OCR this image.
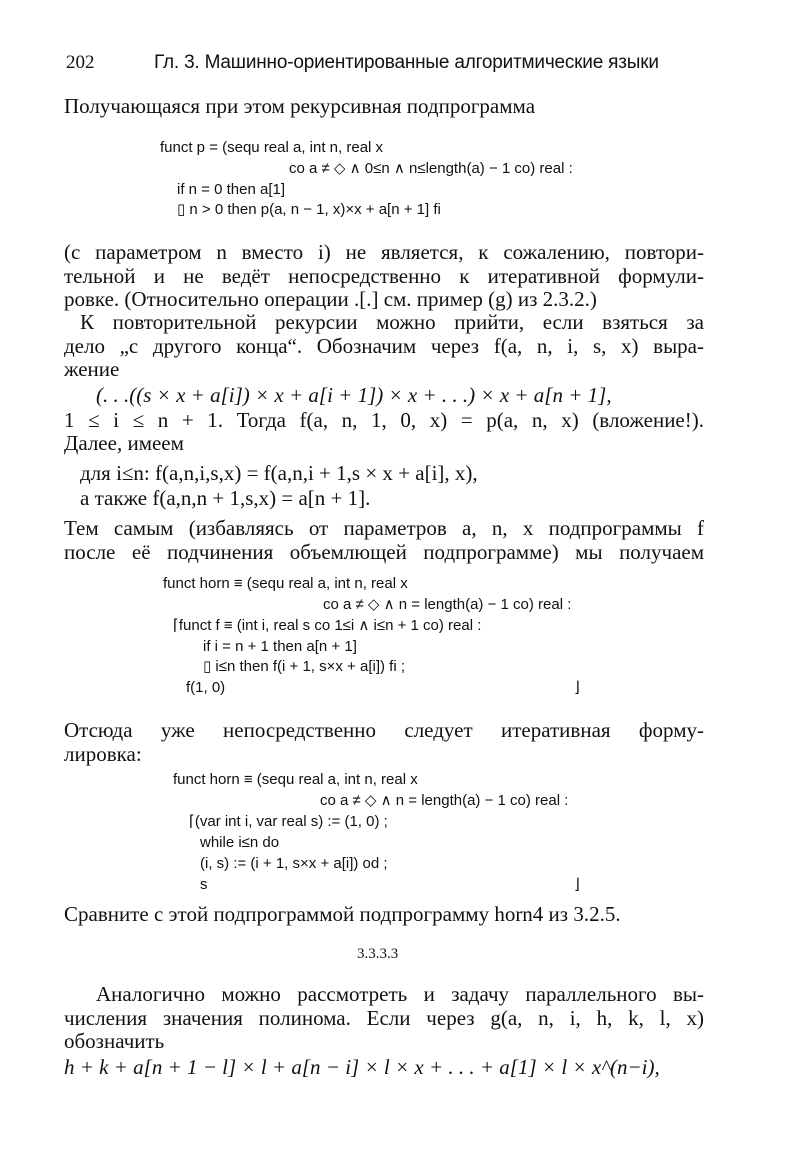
202	Гл. 3. Машинно-ориентированные алгоритмические языки
Получающаяся при этом рекурсивная подпрограмма
funct p = (sequ real a, int n, real x
co a ≠ ◇ ∧ 0≤n ∧ n≤length(a) − 1 co) real :
if n = 0 then a[1]
▯ n > 0 then p(a, n − 1, x)×x + a[n + 1] fi
(с параметром n вместо i) не является, к сожалению, повтори-
тельной и не ведёт непосредственно к итеративной формули-
ровке. (Относительно операции .[.] см. пример (g) из 2.3.2.)
К повторительной рекурсии можно прийти, если взяться за
дело „с другого конца“. Обозначим через f(a, n, i, s, x) выра-
жение
(. . .((s × x + a[i]) × x + a[i + 1]) × x + . . .) × x + a[n + 1],
1 ≤ i ≤ n + 1. Тогда f(a, n, 1, 0, x) = p(a, n, x) (вложение!).
Далее, имеем
для i≤n: f(a,n,i,s,x) = f(a,n,i + 1,s × x + a[i], x),
а также f(a,n,n + 1,s,x) = a[n + 1].
Тем самым (избавляясь от параметров a, n, x подпрограммы f
после её подчинения объемлющей подпрограмме) мы получаем
funct horn ≡ (sequ real a, int n, real x
co a ≠ ◇ ∧ n = length(a) − 1 co) real :
⌈funct f ≡ (int i, real s co 1≤i ∧ i≤n + 1 co) real :
if i = n + 1 then a[n + 1]
▯ i≤n then f(i + 1, s×x + a[i]) fi ;
f(1, 0)	⌋
Отсюда уже непосредственно следует итеративная форму-
лировка:
funct horn ≡ (sequ real a, int n, real x
co a ≠ ◇ ∧ n = length(a) − 1 co) real :
⌈(var int i, var real s) := (1, 0) ;
while i≤n do
(i, s) := (i + 1, s×x + a[i]) od ;
s	⌋
Сравните с этой подпрограммой подпрограмму horn4 из 3.2.5.
3.3.3.3
Аналогично можно рассмотреть и задачу параллельного вы-
числения значения полинома. Если через g(a, n, i, h, k, l, x)
обозначить
h + k + a[n + 1 − l] × l + a[n − i] × l × x + . . . + a[1] × l × x^(n−i),
